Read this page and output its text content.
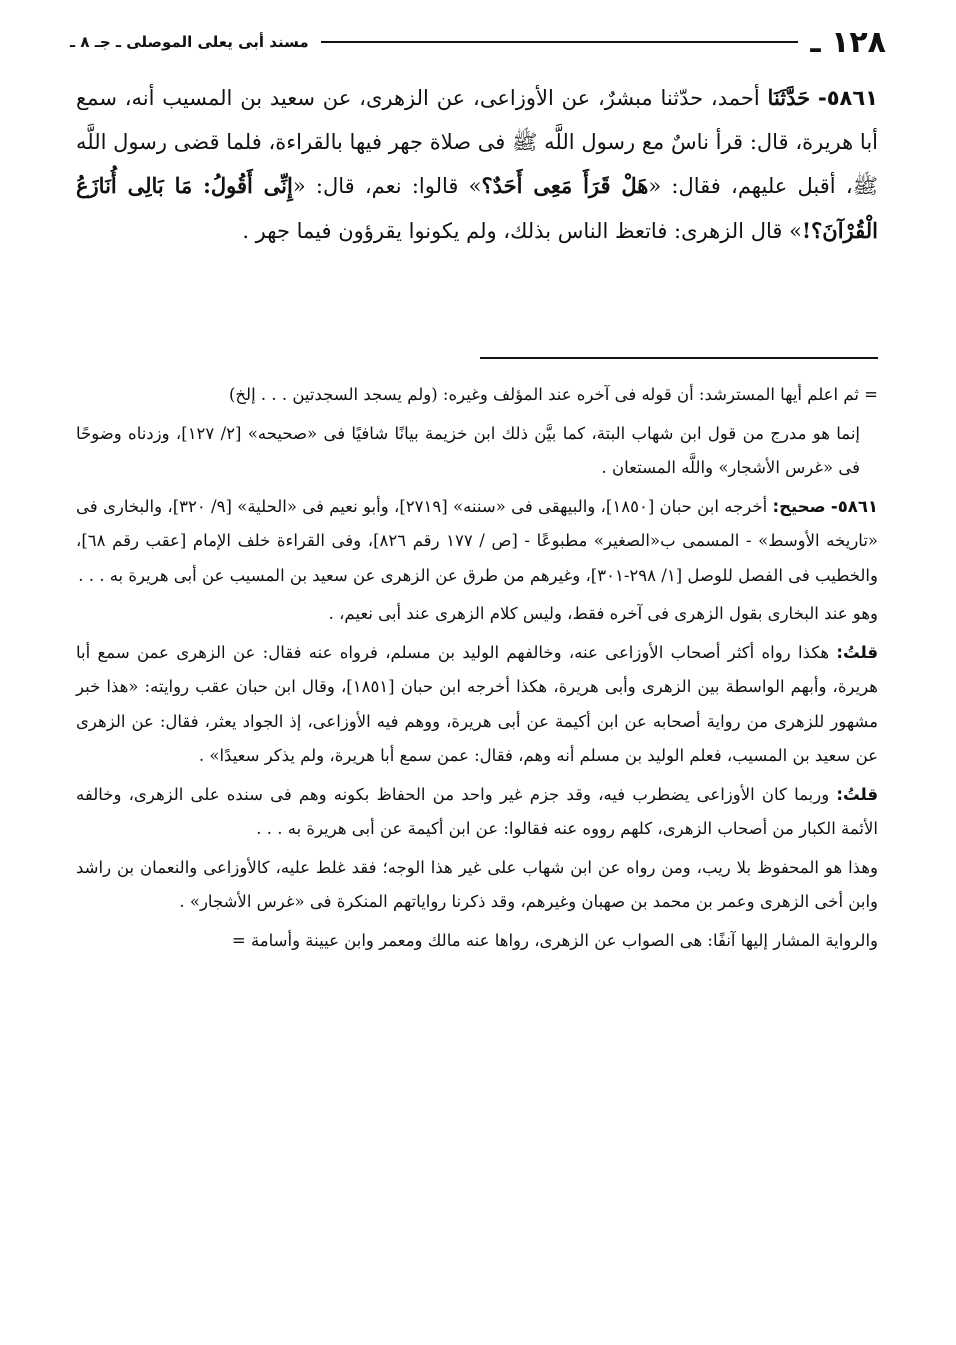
١٢٨ ـ
مسند أبى يعلى الموصلى ـ جـ ٨ ـ

٥٨٦١- حَدَّثَنَا أحمد، حدّثنا مبشرٌ، عن الأوزاعى، عن الزهرى، عن سعيد بن المسيب أنه، سمع أبا هريرة، قال: قرأ ناسٌ مع رسول اللَّه ﷺ فى صلاة جهر فيها بالقراءة، فلما قضى رسول اللَّه ﷺ، أقبل عليهم، فقال: «هَلْ قَرَأَ مَعِى أَحَدٌ؟» قالوا: نعم، قال: «إِنِّى أَقُولُ: مَا بَالِى أُنَازَعُ الْقُرْآنَ؟!» قال الزهرى: فاتعظ الناس بذلك، ولم يكونوا يقرؤون فيما جهر .

= ثم اعلم أيها المسترشد: أن قوله فى آخره عند المؤلف وغيره: (ولم يسجد السجدتين . . . إلخ)

إنما هو مدرج من قول ابن شهاب البتة، كما بيَّن ذلك ابن خزيمة بيانًا شافيًا فى «صحيحه» [٢/ ١٢٧]، وزدناه وضوحًا فى «غرس الأشجار» واللَّه المستعان .

٥٨٦١- صحيح: أخرجه ابن حبان [١٨٥٠]، والبيهقى فى «سننه» [٢٧١٩]، وأبو نعيم فى «الحلية» [٩/ ٣٢٠]، والبخارى فى «تاريخه الأوسط» - المسمى ب«الصغير» مطبوعًا - [ص / ١٧٧ رقم ٨٢٦]، وفى القراءة خلف الإمام [عقب رقم ٦٨]، والخطيب فى الفصل للوصل [١/ ٢٩٨-٣٠١]، وغيرهم من طرق عن الزهرى عن سعيد بن المسيب عن أبى هريرة به . . .

وهو عند البخارى بقول الزهرى فى آخره فقط، وليس كلام الزهرى عند أبى نعيم، .

قلتُ: هكذا رواه أكثر أصحاب الأوزاعى عنه، وخالفهم الوليد بن مسلم، فرواه عنه فقال: عن الزهرى عمن سمع أبا هريرة، وأبهم الواسطة بين الزهرى وأبى هريرة، هكذا أخرجه ابن حبان [١٨٥١]، وقال ابن حبان عقب روايته: «هذا خبر مشهور للزهرى من رواية أصحابه عن ابن أكيمة عن أبى هريرة، ووهم فيه الأوزاعى، إذ الجواد يعثر، فقال: عن الزهرى عن سعيد بن المسيب، فعلم الوليد بن مسلم أنه وهم، فقال: عمن سمع أبا هريرة، ولم يذكر سعيدًا» .

قلتُ: وربما كان الأوزاعى يضطرب فيه، وقد جزم غير واحد من الحفاظ بكونه وهم فى سنده على الزهرى، وخالفه الأئمة الكبار من أصحاب الزهرى، كلهم رووه عنه فقالوا: عن ابن أكيمة عن أبى هريرة به . . .

وهذا هو المحفوظ بلا ريب، ومن رواه عن ابن شهاب على غير هذا الوجه؛ فقد غلط عليه، كالأوزاعى والنعمان بن راشد وابن أخى الزهرى وعمر بن محمد بن صهبان وغيرهم، وقد ذكرنا رواياتهم المنكرة فى «غرس الأشجار» .

والرواية المشار إليها آنفًا: هى الصواب عن الزهرى، رواها عنه مالك ومعمر وابن عيينة وأسامة =
